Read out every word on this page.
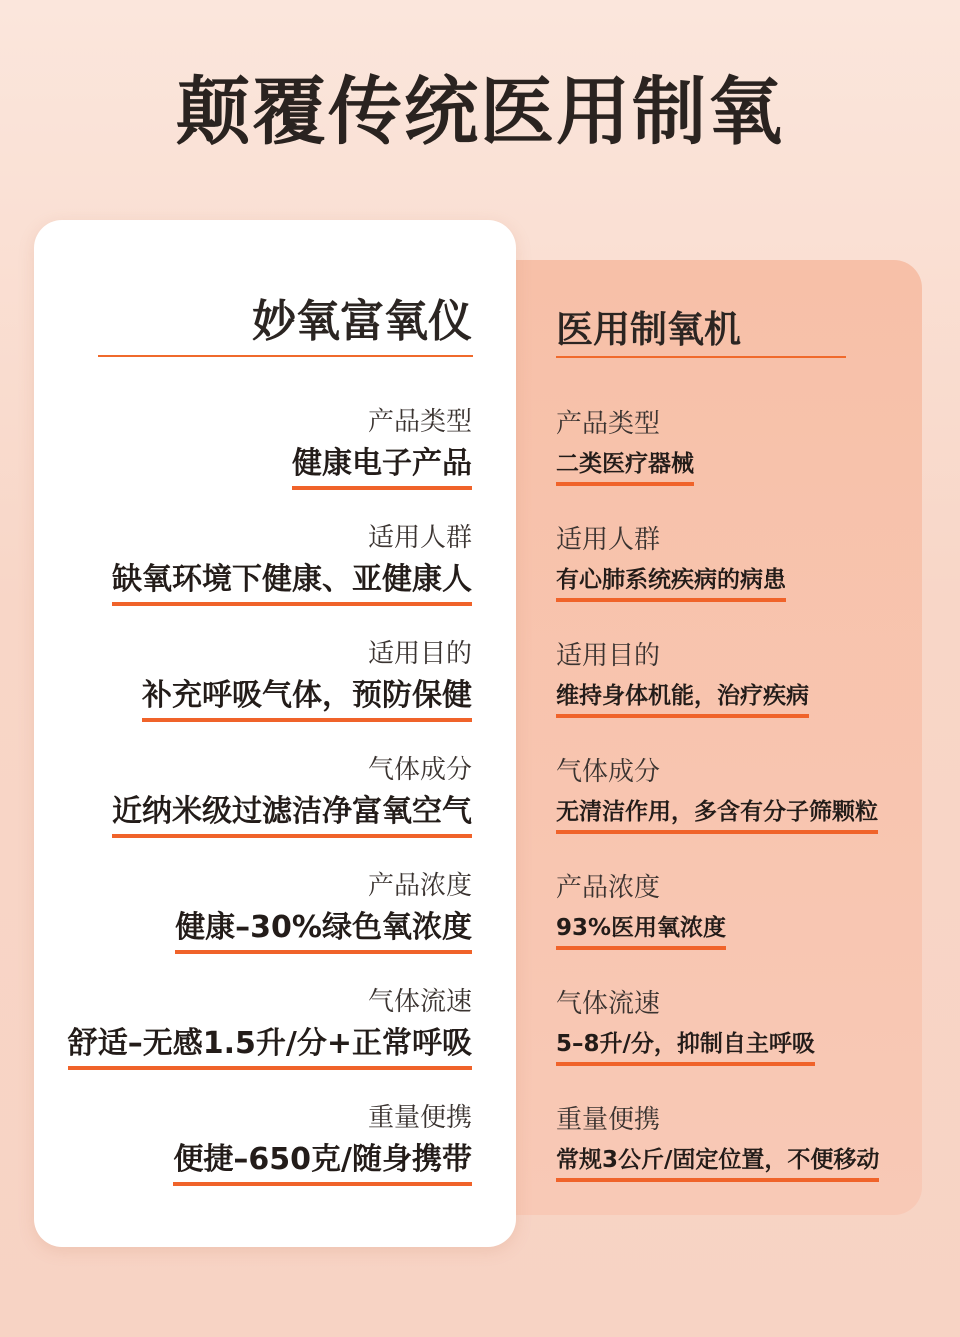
颠覆传统医用制氧
医用制氧机
产品类型
二类医疗器械
适用人群
有心肺系统疾病的病患
适用目的
维持身体机能，治疗疾病
气体成分
无清洁作用，多含有分子筛颗粒
产品浓度
93%医用氧浓度
气体流速
5–8升/分，抑制自主呼吸
重量便携
常规3公斤/固定位置，不便移动
妙氧富氧仪
产品类型
健康电子产品
适用人群
缺氧环境下健康、亚健康人
适用目的
补充呼吸气体，预防保健
气体成分
近纳米级过滤洁净富氧空气
产品浓度
健康–30%绿色氧浓度
气体流速
舒适–无感1.5升/分+正常呼吸
重量便携
便捷–650克/随身携带
